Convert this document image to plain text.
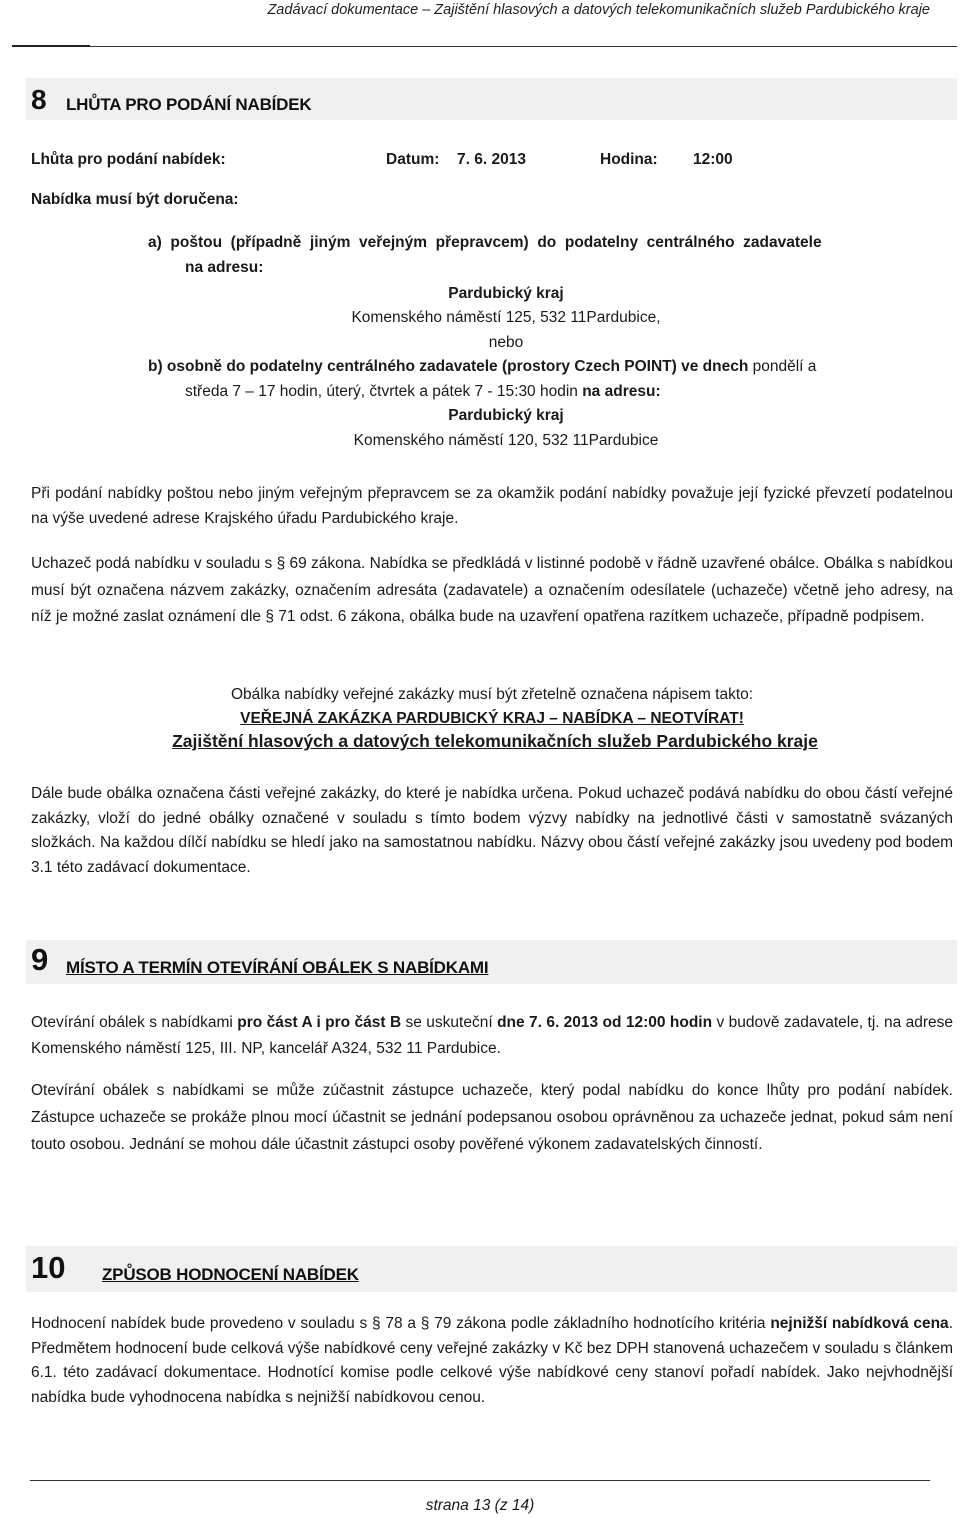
Zadávací dokumentace – Zajištění hlasových a datových telekomunikačních služeb Pardubického kraje

8 LHŮTA PRO PODÁNÍ NABÍDEK
Lhůta pro podání nabídek:	Datum: 7. 6. 2013	Hodina: 12:00
Nabídka musí být doručena:
a)  poštou  (případně  jiným  veřejným  přepravcem)  do  podatelny  centrálného  zadavatele
na adresu:
Pardubický kraj
Komenského náměstí 125, 532 11Pardubice,
nebo
b) osobně do podatelny centrálného zadavatele (prostory Czech POINT) ve dnech pondělí a
středa 7 – 17 hodin, úterý, čtvrtek a pátek 7 - 15:30 hodin na adresu:
Pardubický kraj
Komenského náměstí 120, 532 11Pardubice

Při podání nabídky poštou nebo jiným veřejným přepravcem se za okamžik podání nabídky považuje její fyzické převzetí podatelnou na výše uvedené adrese Krajského úřadu Pardubického kraje.

Uchazeč podá nabídku v souladu s § 69 zákona. Nabídka se předkládá v listinné podobě v řádně uzavřené obálce. Obálka s nabídkou musí být označena názvem zakázky, označením adresáta (zadavatele) a označením odesílatele (uchazeče) včetně jeho adresy, na níž je možné zaslat oznámení dle § 71 odst. 6 zákona, obálka bude na uzavření opatřena razítkem uchazeče, případně podpisem.

Obálka nabídky veřejné zakázky musí být zřetelně označena nápisem takto:
VEŘEJNÁ ZAKÁZKA PARDUBICKÝ KRAJ – NABÍDKA – NEOTVÍRAT!
Zajištění hlasových a datových telekomunikačních služeb Pardubického kraje

Dále bude obálka označena části veřejné zakázky, do které je nabídka určena. Pokud uchazeč podává nabídku do obou částí veřejné zakázky, vloží do jedné obálky označené v souladu s tímto bodem výzvy nabídky na jednotlivé části v samostatně svázaných složkách. Na každou dílčí nabídku se hledí jako na samostatnou nabídku. Názvy obou částí veřejné zakázky jsou uvedeny pod bodem 3.1 této zadávací dokumentace.

9 MÍSTO A TERMÍN OTEVÍRÁNÍ OBÁLEK S NABÍDKAMI

Otevírání obálek s nabídkami pro část A i pro část B se uskuteční dne 7. 6. 2013 od 12:00 hodin v budově zadavatele, tj. na adrese Komenského náměstí 125, III. NP, kancelář A324, 532 11 Pardubice.

Otevírání obálek s nabídkami se může zúčastnit zástupce uchazeče, který podal nabídku do konce lhůty pro podání nabídek. Zástupce uchazeče se prokáže plnou mocí účastnit se jednání podepsanou osobou oprávněnou za uchazeče jednat, pokud sám není touto osobou. Jednání se mohou dále účastnit zástupci osoby pověřené výkonem zadavatelských činností.

10 ZPŮSOB HODNOCENÍ NABÍDEK

Hodnocení nabídek bude provedeno v souladu s § 78 a § 79 zákona podle základního hodnotícího kritéria nejnižší nabídková cena. Předmětem hodnocení bude celková výše nabídkové ceny veřejné zakázky v Kč bez DPH stanovená uchazečem v souladu s článkem 6.1. této zadávací dokumentace. Hodnotící komise podle celkové výše nabídkové ceny stanoví pořadí nabídek. Jako nejvhodnější nabídka bude vyhodnocena nabídka s nejnižší nabídkovou cenou.

strana 13 (z 14)
